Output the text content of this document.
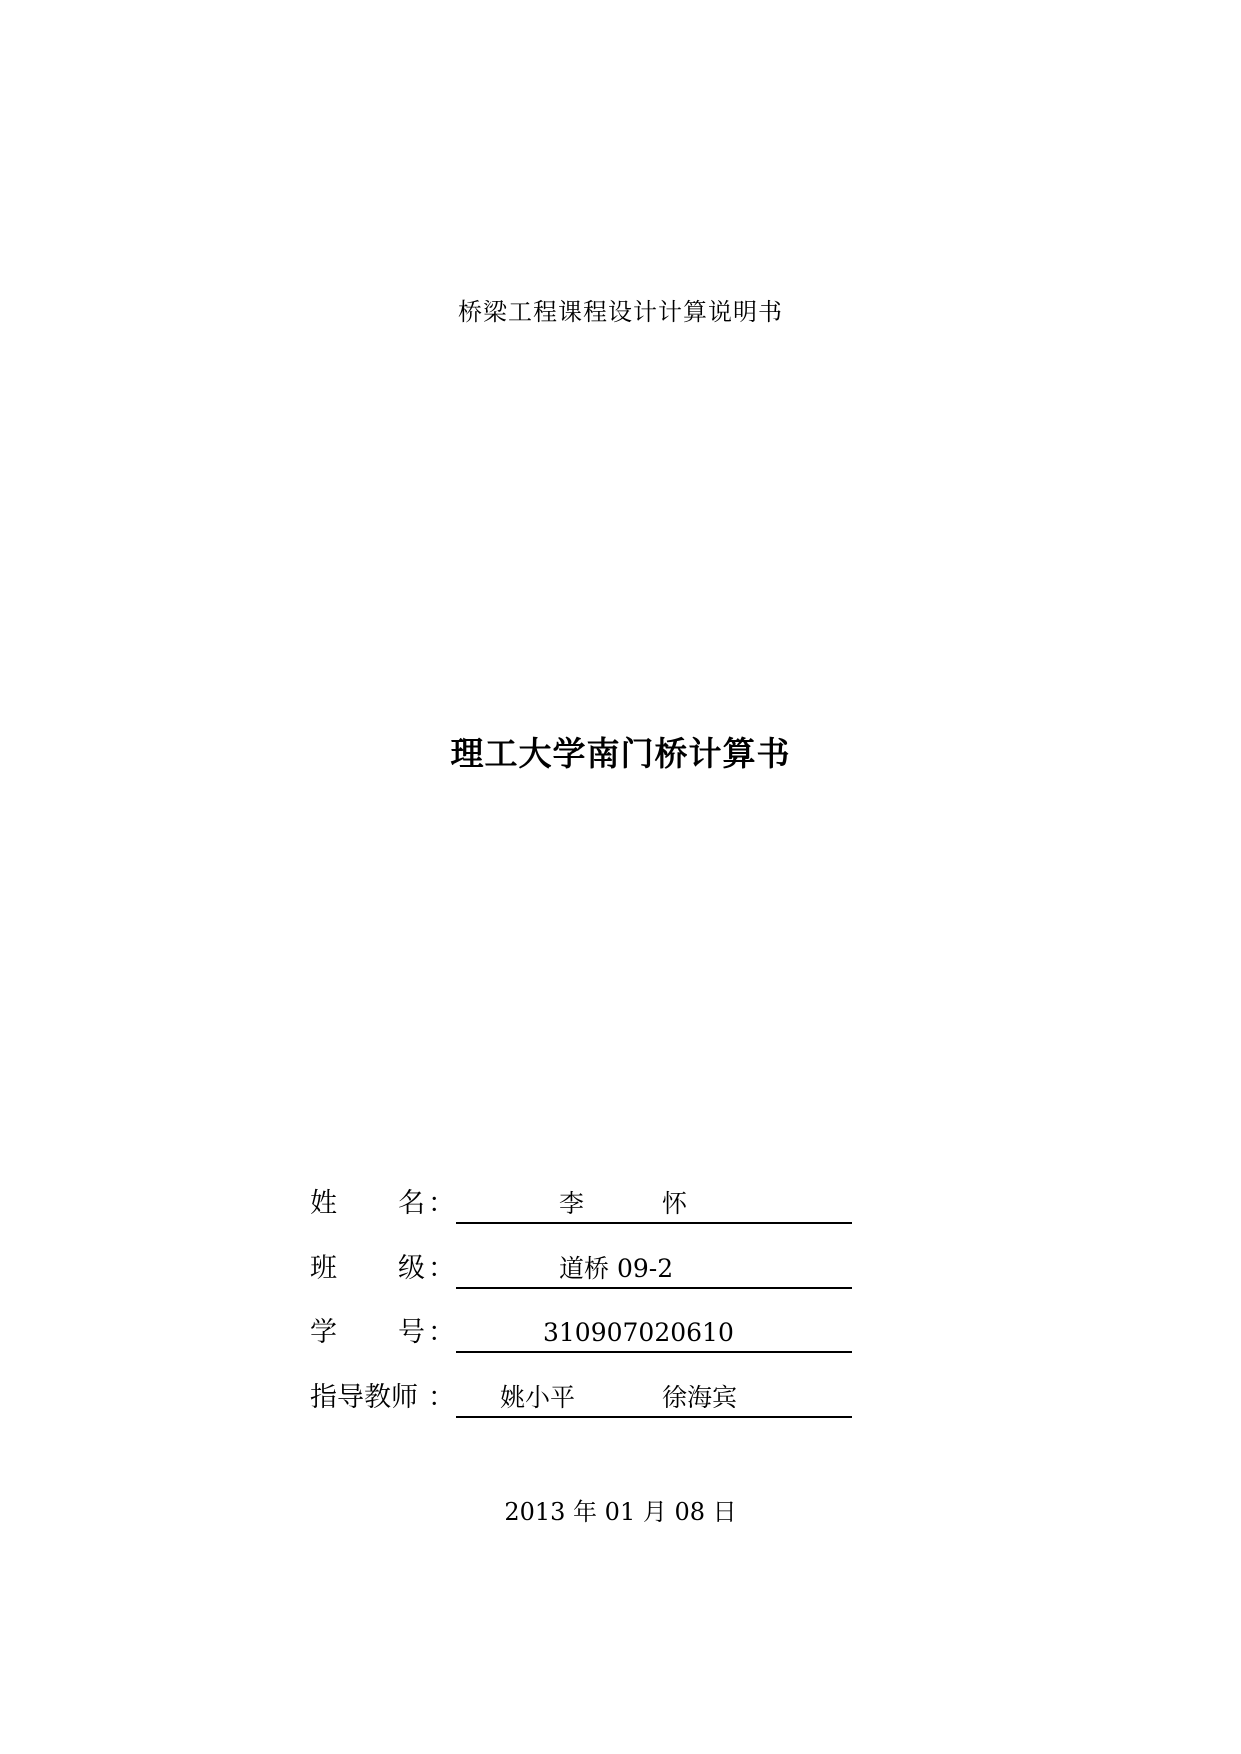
桥梁工程课程设计计算说明书
理工大学南门桥计算书
姓 名 ：	李	怀
班 级 ：	道桥 09-2
学 号 ：	310907020610
指导教师 ： 姚小平	徐海宾
2013 年 01 月 08 日
